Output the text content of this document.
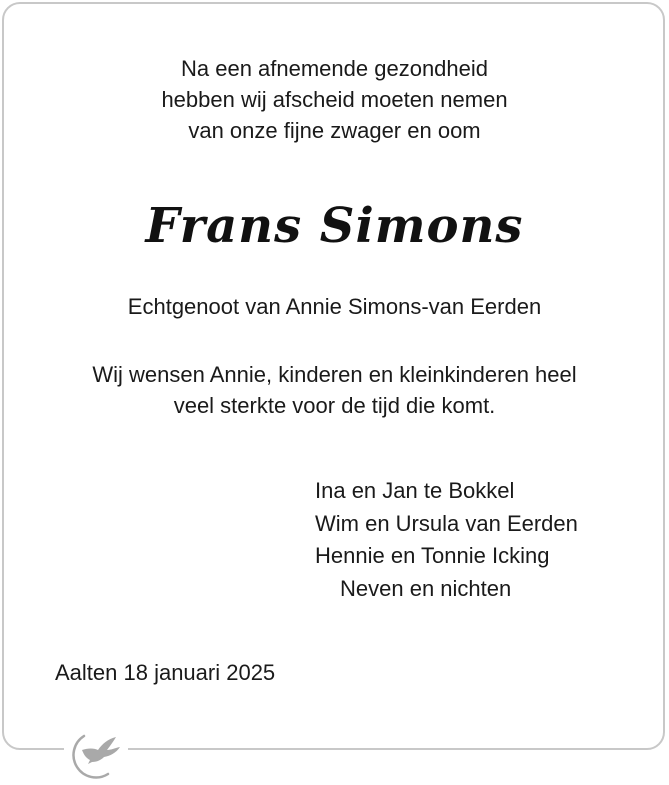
Na een afnemende gezondheid
hebben wij afscheid moeten nemen
van onze fijne zwager en oom
Frans Simons
Echtgenoot van Annie Simons-van Eerden
Wij wensen Annie, kinderen en kleinkinderen heel
veel sterkte voor de tijd die komt.
Ina en Jan te Bokkel
Wim en Ursula van Eerden
Hennie en Tonnie Icking
Neven en nichten
Aalten 18 januari 2025
